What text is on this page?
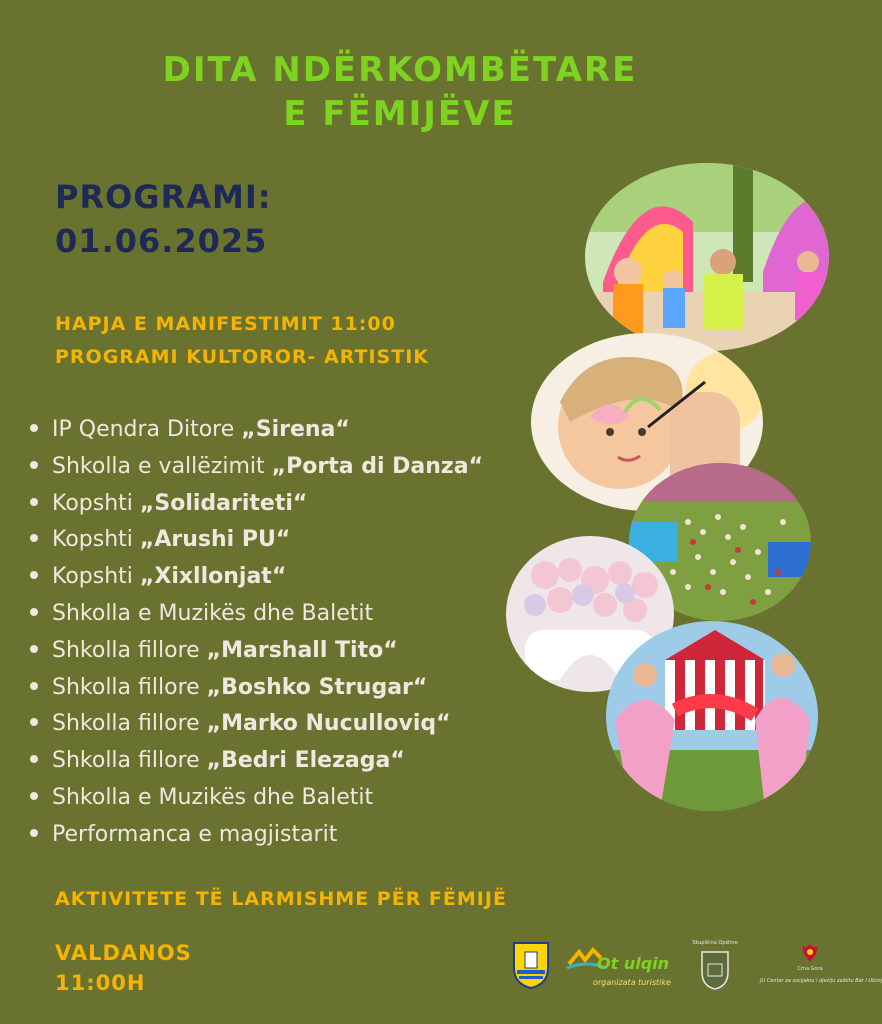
DITA NDËRKOMBËTARE
E FËMIJËVE
PROGRAMI:
01.06.2025
HAPJA E MANIFESTIMIT 11:00
PROGRAMI KULTOROR- ARTISTIK
IP Qendra Ditore „Sirena“
Shkolla e vallëzimit „Porta di Danza“
Kopshti „Solidariteti“
Kopshti „Arushi PU“
Kopshti „Xixllonjat“
Shkolla e Muzikës dhe Baletit
Shkolla fillore „Marshall Tito“
Shkolla fillore „Boshko Strugar“
Shkolla fillore „Marko Nuculloviq“
Shkolla fillore „Bedri Elezaga“
Shkolla e Muzikës dhe Baletit
Performanca e magjistarit
AKTIVITETE TË LARMISHME PËR FËMIJË
VALDANOS
11:00H
Ot ulqin
organizata turistike
Skupština Opštine
Crna Gora
JU Centar za socijalnu i dječiju zaštitu Bar i Ulcinj
